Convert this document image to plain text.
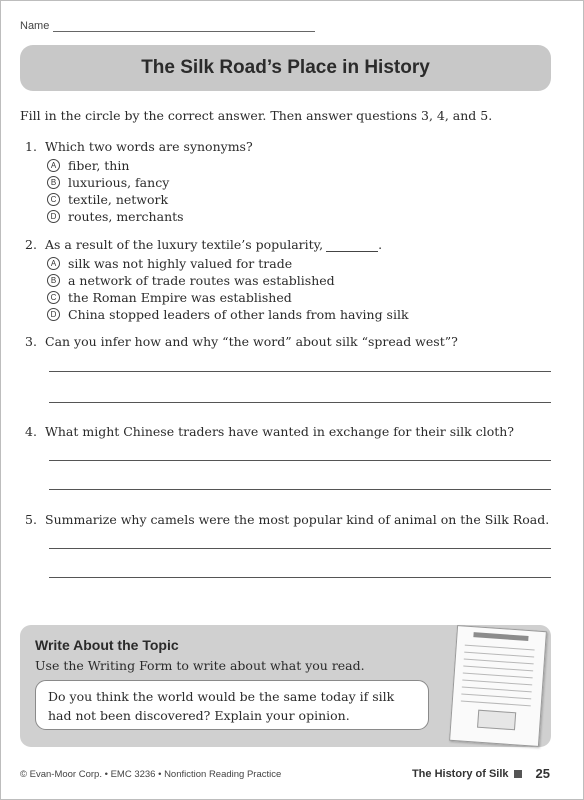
Name
The Silk Road’s Place in History
Fill in the circle by the correct answer. Then answer questions 3, 4, and 5.
1. Which two words are synonyms?
A fiber, thin
B luxurious, fancy
C textile, network
D routes, merchants
2. As a result of the luxury textile’s popularity,	.
A silk was not highly valued for trade
B a network of trade routes was established
C the Roman Empire was established
D China stopped leaders of other lands from having silk
3. Can you infer how and why “the word” about silk “spread west”?
4. What might Chinese traders have wanted in exchange for their silk cloth?
5. Summarize why camels were the most popular kind of animal on the Silk Road.
Write About the Topic
Use the Writing Form to write about what you read.
Do you think the world would be the same today if silk had not been discovered? Explain your opinion.
© Evan-Moor Corp. • EMC 3236 • Nonfiction Reading Practice	The History of Silk 25
